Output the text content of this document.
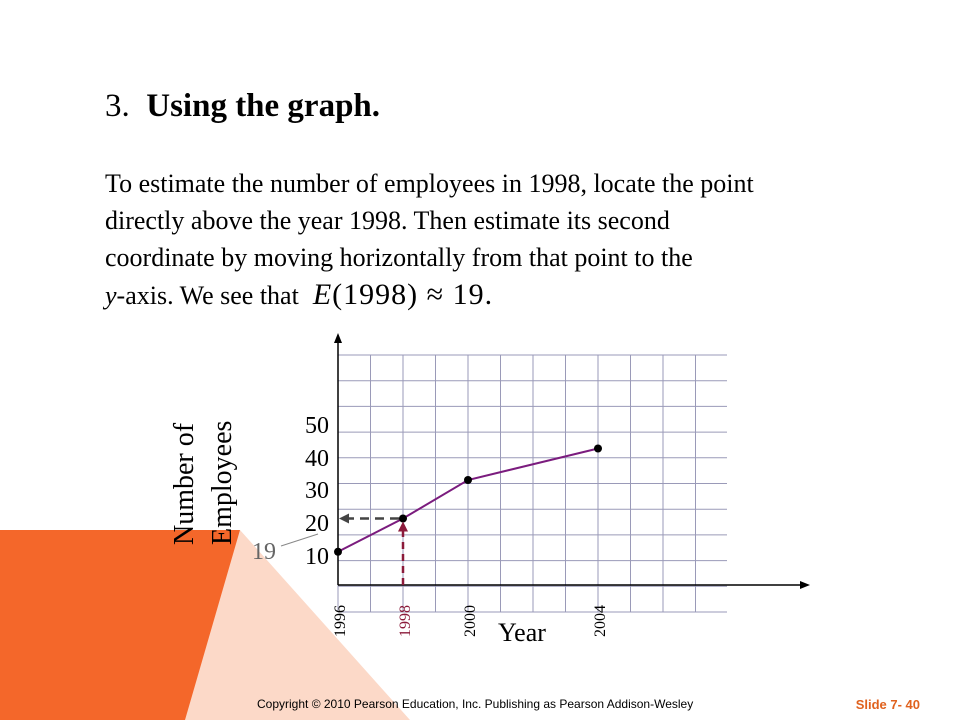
3. Using the graph.
To estimate the number of employees in 1998, locate the point
directly above the year 1998. Then estimate its second
coordinate by moving horizontally from that point to the
y-axis. We see that E(1998) ≈ 19.
10
20
30
40
50
1996	1998	2000	2004
Year
Number of Employees
19
Copyright © 2010 Pearson Education, Inc. Publishing as Pearson Addison-Wesley	Slide 7- 40
